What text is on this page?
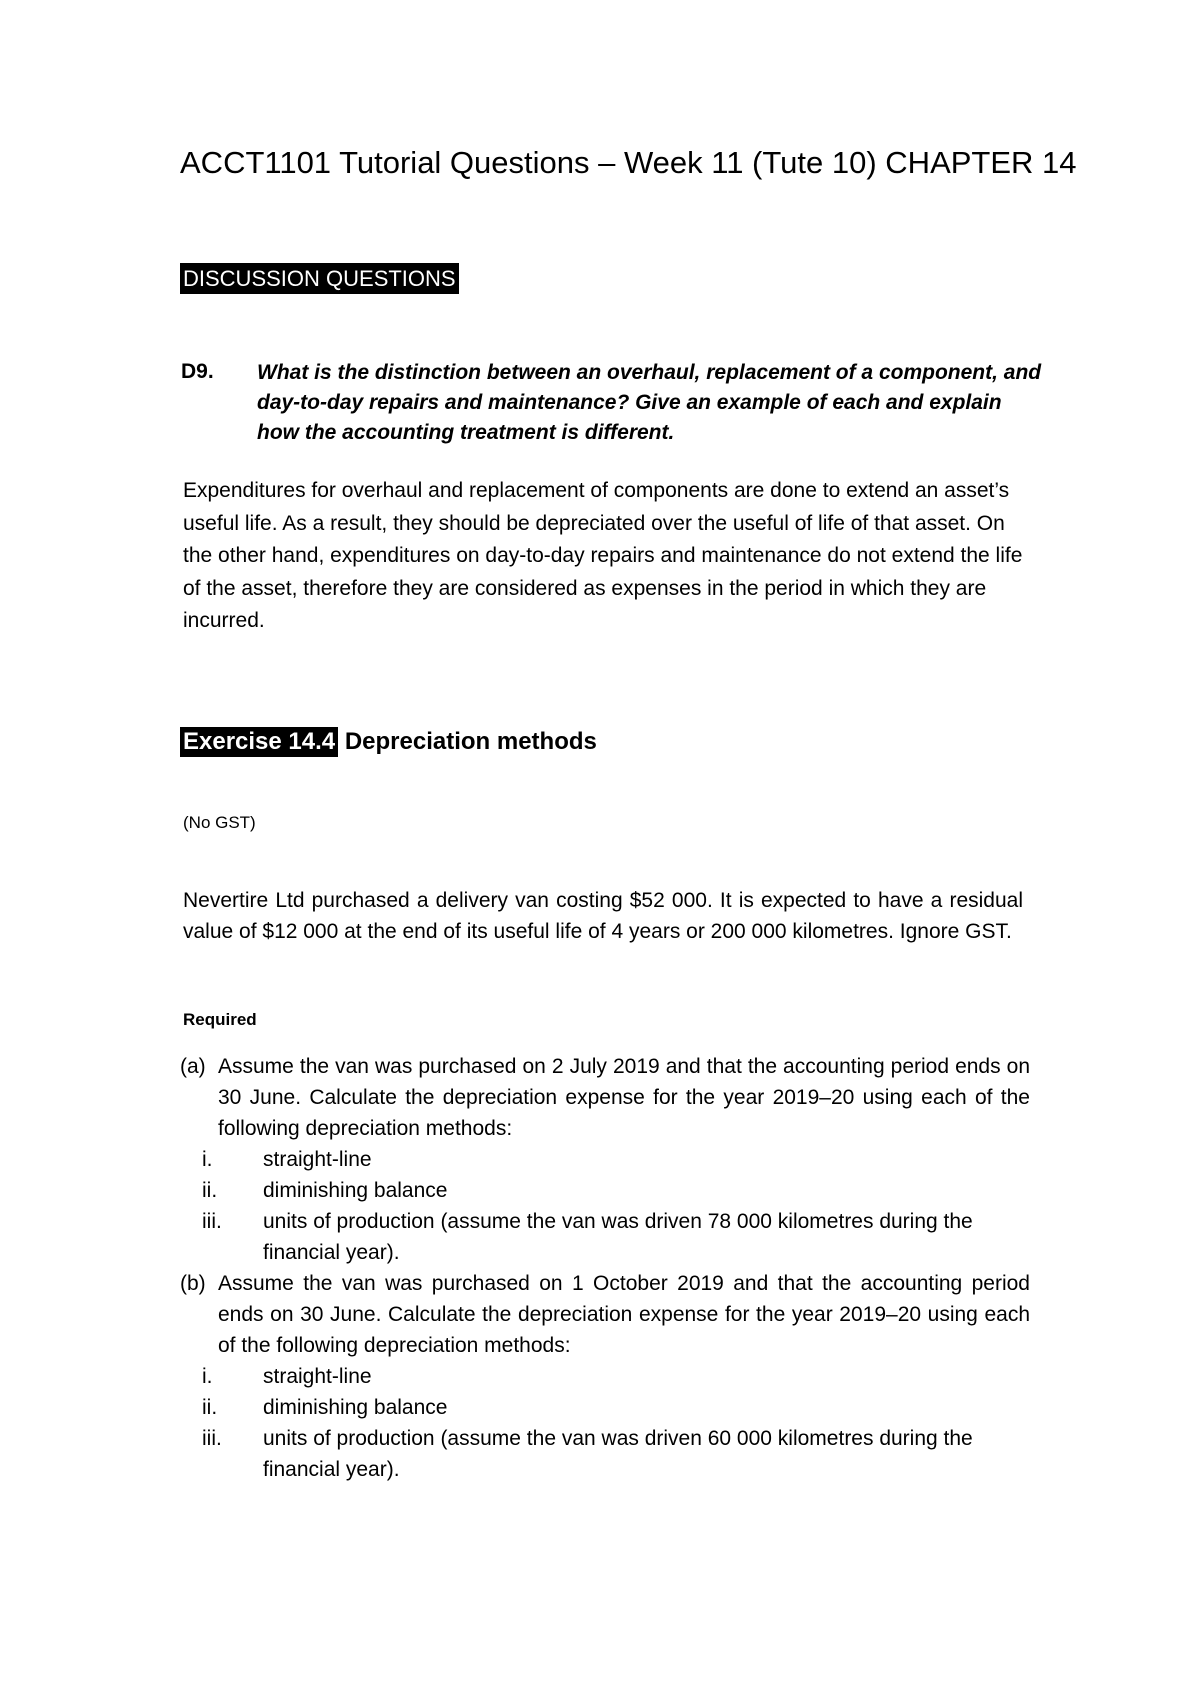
ACCT1101 Tutorial Questions – Week 11 (Tute 10) CHAPTER 14
DISCUSSION QUESTIONS
D9. What is the distinction between an overhaul, replacement of a component, and day-to-day repairs and maintenance? Give an example of each and explain how the accounting treatment is different.

Expenditures for overhaul and replacement of components are done to extend an asset’s useful life. As a result, they should be depreciated over the useful of life of that asset. On the other hand, expenditures on day-to-day repairs and maintenance do not extend the life of the asset, therefore they are considered as expenses in the period in which they are incurred.

Exercise 14.4 Depreciation methods
(No GST)

Nevertire Ltd purchased a delivery van costing $52 000. It is expected to have a residual value of $12 000 at the end of its useful life of 4 years or 200 000 kilometres. Ignore GST.

Required
(a) Assume the van was purchased on 2 July 2019 and that the accounting period ends on 30 June. Calculate the depreciation expense for the year 2019–20 using each of the following depreciation methods:
i. straight-line
ii. diminishing balance
iii. units of production (assume the van was driven 78 000 kilometres during the financial year).
(b) Assume the van was purchased on 1 October 2019 and that the accounting period ends on 30 June. Calculate the depreciation expense for the year 2019–20 using each of the following depreciation methods:
i. straight-line
ii. diminishing balance
iii. units of production (assume the van was driven 60 000 kilometres during the financial year).
